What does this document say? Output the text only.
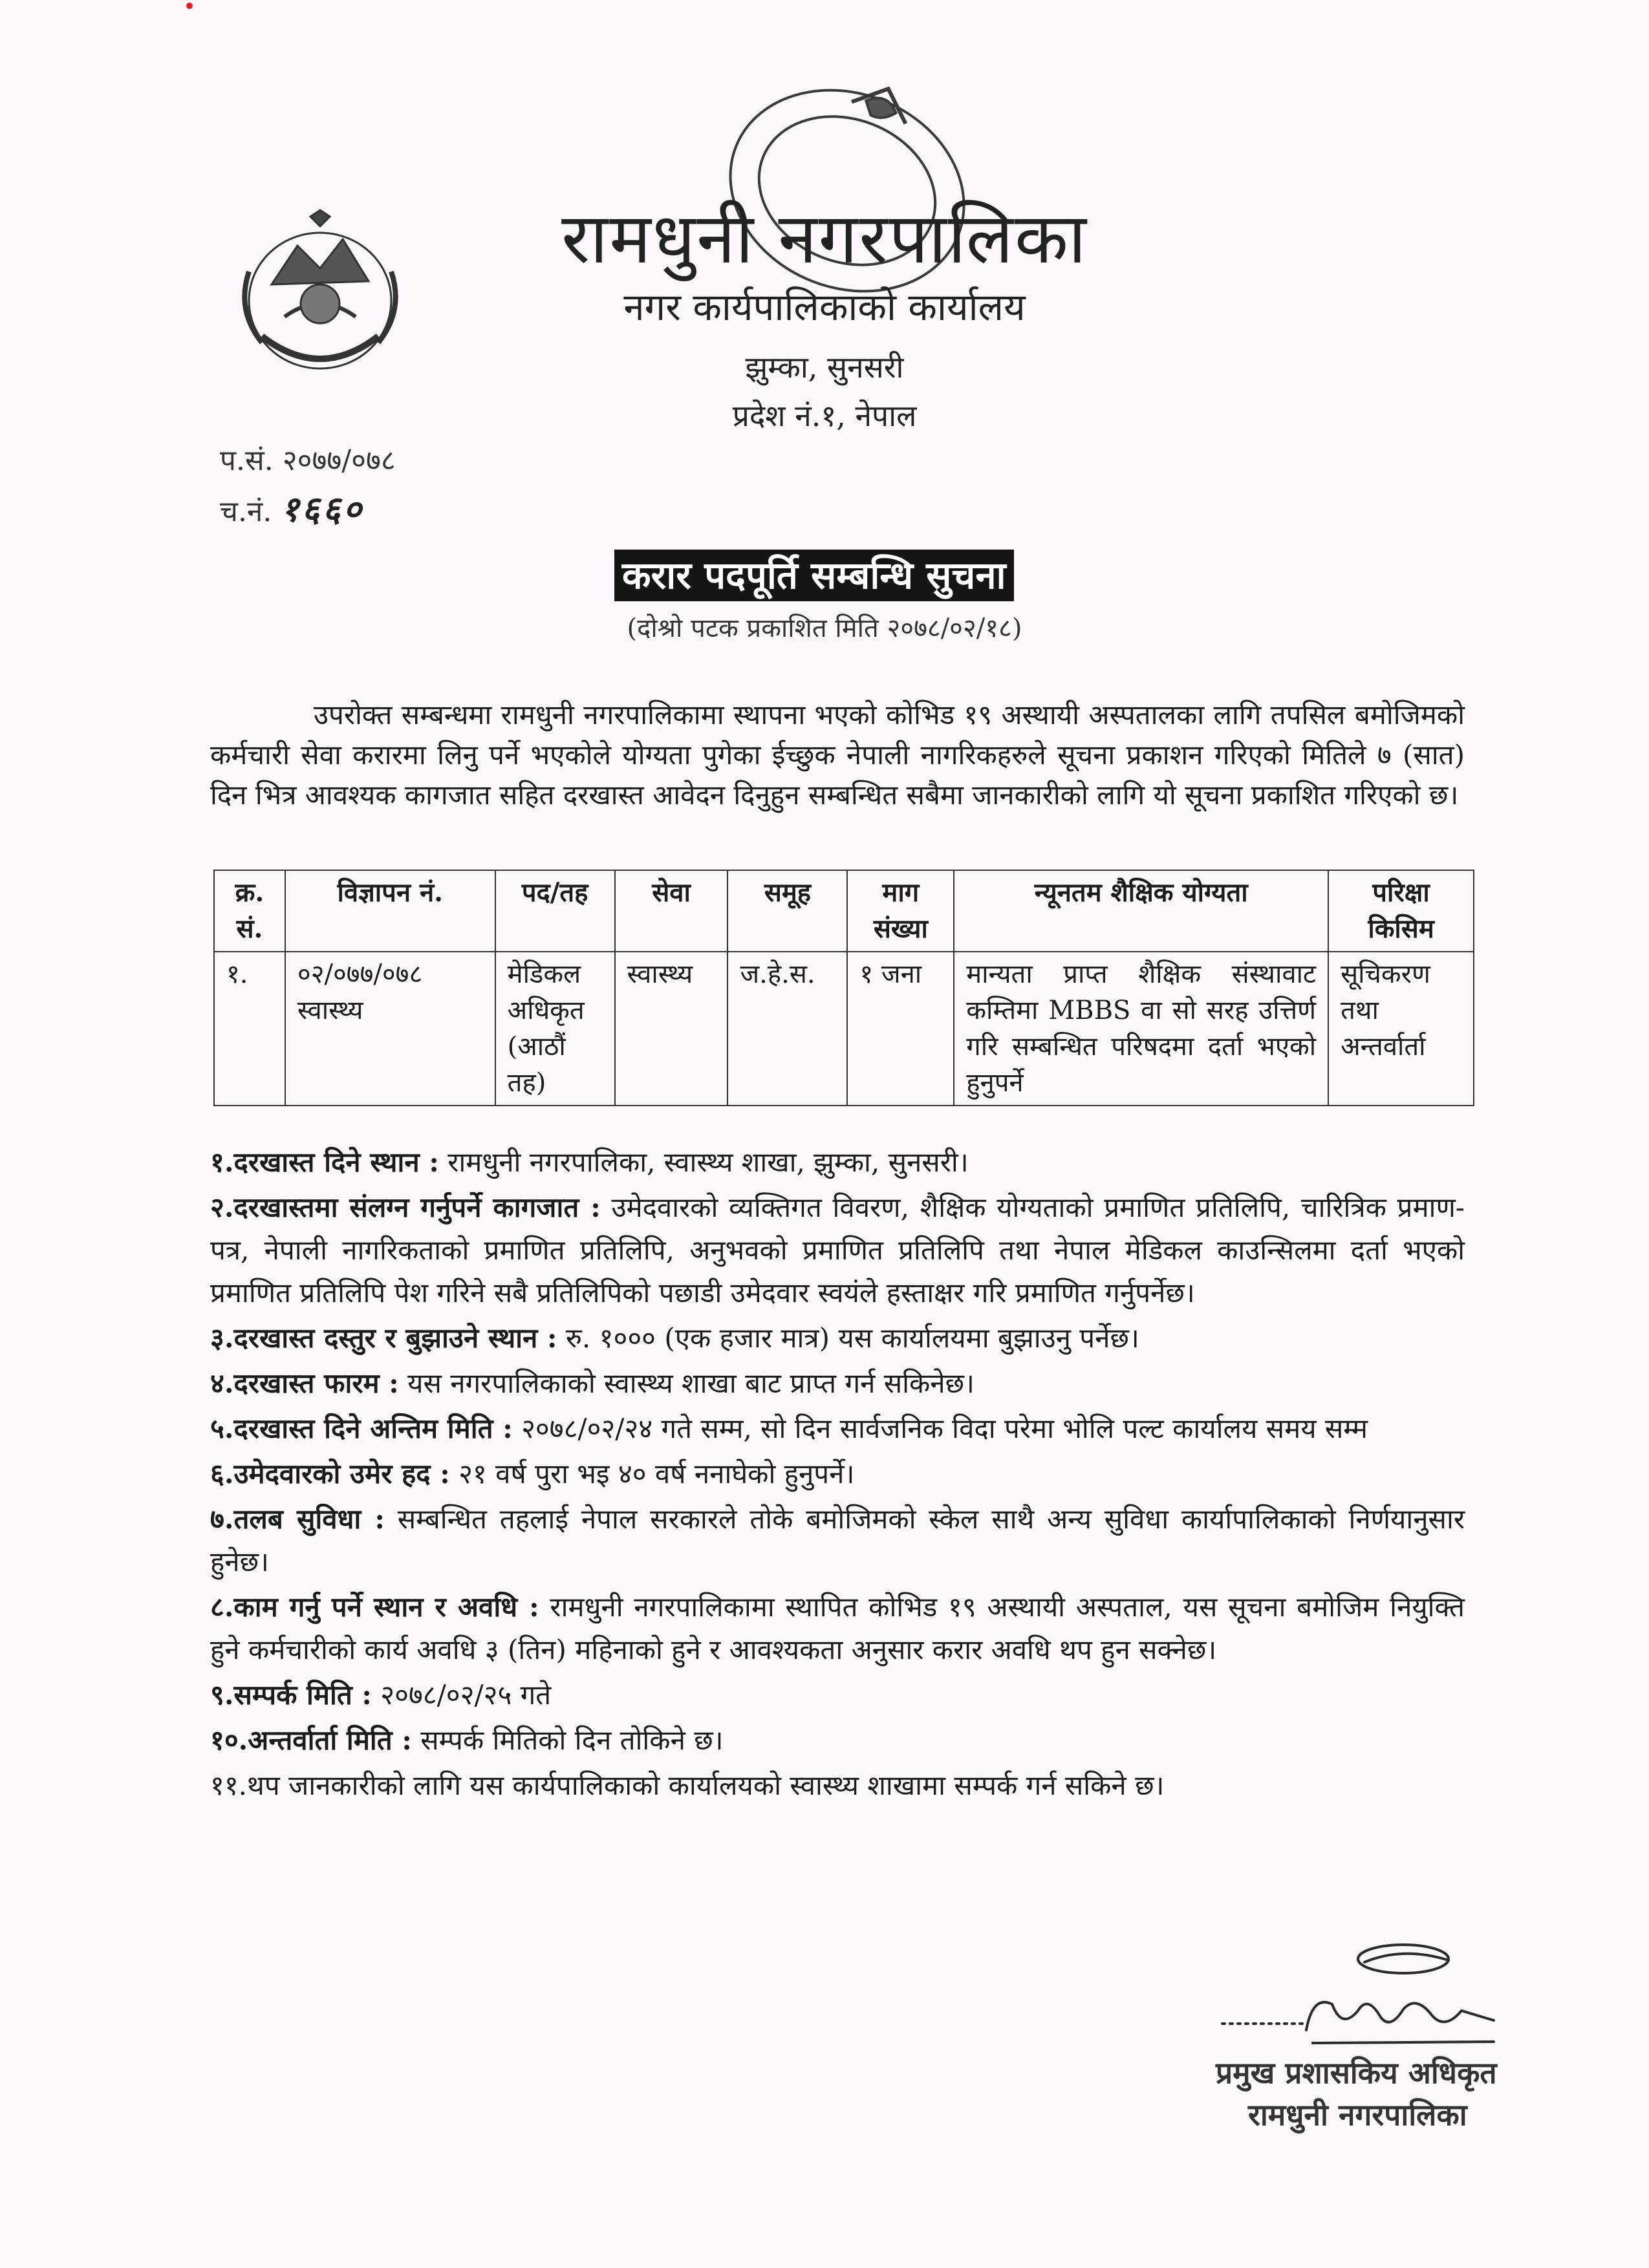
रामधुनी नगरपालिका
नगर कार्यपालिकाको कार्यालय
झुम्का, सुनसरी
प्रदेश नं.१, नेपाल
प.सं. २०७७/०७८
च.नं. १६६०
करार पदपूर्ति सम्बन्धि सुचना
(दोश्रो पटक प्रकाशित मिति २०७८/०२/१८)
उपरोक्त सम्बन्धमा रामधुनी नगरपालिकामा स्थापना भएको कोभिड १९ अस्थायी अस्पतालका लागि तपसिल बमोजिमको कर्मचारी सेवा करारमा लिनु पर्ने भएकोले योग्यता पुगेका ईच्छुक नेपाली नागरिकहरुले सूचना प्रकाशन गरिएको मितिले ७ (सात) दिन भित्र आवश्यक कागजात सहित दरखास्त आवेदन दिनुहुन सम्बन्धित सबैमा जानकारीको लागि यो सूचना प्रकाशित गरिएको छ।
क्र. सं.	विज्ञापन नं.	पद/तह	सेवा	समूह	माग संख्या	न्यूनतम शैक्षिक योग्यता	परिक्षा किसिम
१.	०२/०७७/०७८ स्वास्थ्य	मेडिकल अधिकृत (आठौं तह)	स्वास्थ्य	ज.हे.स.	१ जना	मान्यता प्राप्त शैक्षिक संस्थावाट कम्तिमा MBBS वा सो सरह उत्तिर्ण गरि सम्बन्धित परिषदमा दर्ता भएको हुनुपर्ने	सूचिकरण तथा अन्तर्वार्ता
१.दरखास्त दिने स्थान : रामधुनी नगरपालिका, स्वास्थ्य शाखा, झुम्का, सुनसरी।
२.दरखास्तमा संलग्न गर्नुपर्ने कागजात : उमेदवारको व्यक्तिगत विवरण, शैक्षिक योग्यताको प्रमाणित प्रतिलिपि, चारित्रिक प्रमाण-पत्र, नेपाली नागरिकताको प्रमाणित प्रतिलिपि, अनुभवको प्रमाणित प्रतिलिपि तथा नेपाल मेडिकल काउन्सिलमा दर्ता भएको प्रमाणित प्रतिलिपि पेश गरिने सबै प्रतिलिपिको पछाडी उमेदवार स्वयंले हस्ताक्षर गरि प्रमाणित गर्नुपर्नेछ।
३.दरखास्त दस्तुर र बुझाउने स्थान : रु. १००० (एक हजार मात्र) यस कार्यालयमा बुझाउनु पर्नेछ।
४.दरखास्त फारम : यस नगरपालिकाको स्वास्थ्य शाखा बाट प्राप्त गर्न सकिनेछ।
५.दरखास्त दिने अन्तिम मिति : २०७८/०२/२४ गते सम्म, सो दिन सार्वजनिक विदा परेमा भोलि पल्ट कार्यालय समय सम्म
६.उमेदवारको उमेर हद : २१ वर्ष पुरा भइ ४० वर्ष ननाघेको हुनुपर्ने।
७.तलब सुविधा : सम्बन्धित तहलाई नेपाल सरकारले तोके बमोजिमको स्केल साथै अन्य सुविधा कार्यापालिकाको निर्णयानुसार हुनेछ।
८.काम गर्नु पर्ने स्थान र अवधि : रामधुनी नगरपालिकामा स्थापित कोभिड १९ अस्थायी अस्पताल, यस सूचना बमोजिम नियुक्ति हुने कर्मचारीको कार्य अवधि ३ (तिन) महिनाको हुने र आवश्यकता अनुसार करार अवधि थप हुन सक्नेछ।
९.सम्पर्क मिति : २०७८/०२/२५ गते
१०.अन्तर्वार्ता मिति : सम्पर्क मितिको दिन तोकिने छ।
११.थप जानकारीको लागि यस कार्यपालिकाको कार्यालयको स्वास्थ्य शाखामा सम्पर्क गर्न सकिने छ।
प्रमुख प्रशासकिय अधिकृत
रामधुनी नगरपालिका
